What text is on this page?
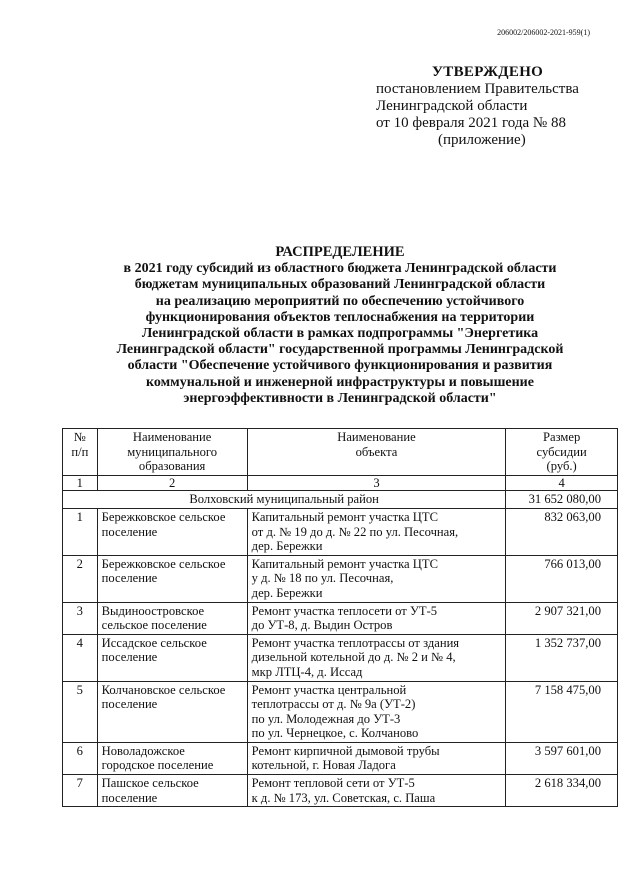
206002/206002-2021-959(1)
УТВЕРЖДЕНО
постановлением Правительства
Ленинградской области
от 10 февраля 2021 года № 88
(приложение)
РАСПРЕДЕЛЕНИЕ
в 2021 году субсидий из областного бюджета Ленинградской области
бюджетам муниципальных образований Ленинградской области
на реализацию мероприятий по обеспечению устойчивого
функционирования объектов теплоснабжения на территории
Ленинградской области в рамках подпрограммы "Энергетика
Ленинградской области" государственной программы Ленинградской
области "Обеспечение устойчивого функционирования и развития
коммунальной и инженерной инфраструктуры и повышение
энергоэффективности в Ленинградской области"
№
п/п	Наименование
муниципального
образования	Наименование
объекта	Размер
субсидии
(руб.)
1	2	3	4
Волховский муниципальный район			31 652 080,00
1	Бережковское сельское
поселение	Капитальный ремонт участка ЦТС
от д. № 19 до д. № 22 по ул. Песочная,
дер. Бережки	832 063,00
2	Бережковское сельское
поселение	Капитальный ремонт участка ЦТС
у д. № 18 по ул. Песочная,
дер. Бережки	766 013,00
3	Выдиноостровское
сельское поселение	Ремонт участка теплосети от УТ-5
до УТ-8, д. Выдин Остров	2 907 321,00
4	Иссадское сельское
поселение	Ремонт участка теплотрассы от здания
дизельной котельной до д. № 2 и № 4,
мкр ЛТЦ-4, д. Иссад	1 352 737,00
5	Колчановское сельское
поселение	Ремонт участка центральной
теплотрассы от д. № 9а (УТ-2)
по ул. Молодежная до УТ-3
по ул. Чернецкое, с. Колчаново	7 158 475,00
6	Новоладожское
городское поселение	Ремонт кирпичной дымовой трубы
котельной, г. Новая Ладога	3 597 601,00
7	Пашское сельское
поселение	Ремонт тепловой сети от УТ-5
к д. № 173, ул. Советская, с. Паша	2 618 334,00
